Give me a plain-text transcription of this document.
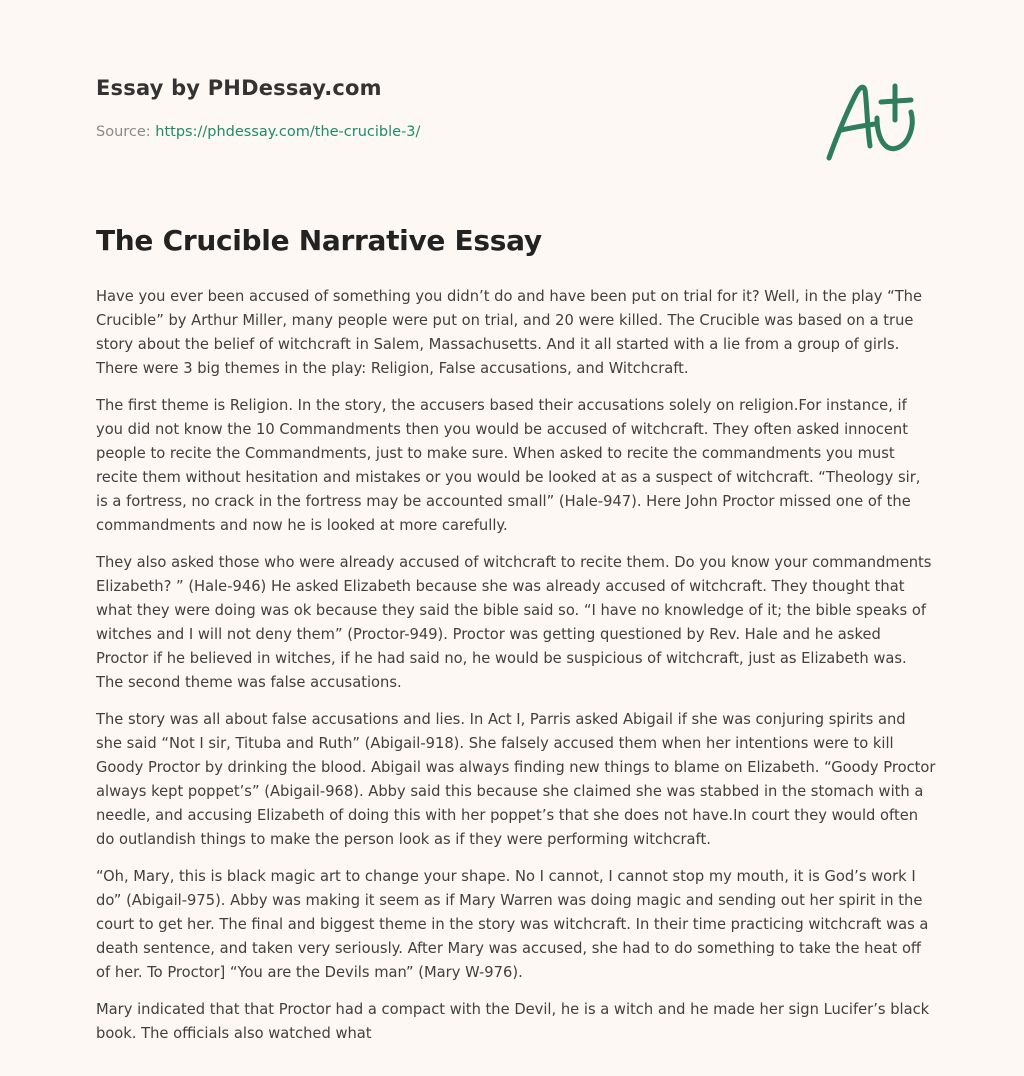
Essay by PHDessay.com
Source: https://phdessay.com/the-crucible-3/
The Crucible Narrative Essay

Have you ever been accused of something you didn’t do and have been put on trial for it? Well, in the play “The Crucible” by Arthur Miller, many people were put on trial, and 20 were killed. The Crucible was based on a true story about the belief of witchcraft in Salem, Massachusetts. And it all started with a lie from a group of girls. There were 3 big themes in the play: Religion, False accusations, and Witchcraft.

The first theme is Religion. In the story, the accusers based their accusations solely on religion.For instance, if you did not know the 10 Commandments then you would be accused of witchcraft. They often asked innocent people to recite the Commandments, just to make sure. When asked to recite the commandments you must recite them without hesitation and mistakes or you would be looked at as a suspect of witchcraft. “Theology sir, is a fortress, no crack in the fortress may be accounted small” (Hale-947). Here John Proctor missed one of the commandments and now he is looked at more carefully.

They also asked those who were already accused of witchcraft to recite them. Do you know your commandments Elizabeth? ” (Hale-946) He asked Elizabeth because she was already accused of witchcraft. They thought that what they were doing was ok because they said the bible said so. “I have no knowledge of it; the bible speaks of witches and I will not deny them” (Proctor-949). Proctor was getting questioned by Rev. Hale and he asked Proctor if he believed in witches, if he had said no, he would be suspicious of witchcraft, just as Elizabeth was. The second theme was false accusations.

The story was all about false accusations and lies. In Act I, Parris asked Abigail if she was conjuring spirits and she said “Not I sir, Tituba and Ruth” (Abigail-918). She falsely accused them when her intentions were to kill Goody Proctor by drinking the blood. Abigail was always finding new things to blame on Elizabeth. “Goody Proctor always kept poppet’s” (Abigail-968). Abby said this because she claimed she was stabbed in the stomach with a needle, and accusing Elizabeth of doing this with her poppet’s that she does not have.In court they would often do outlandish things to make the person look as if they were performing witchcraft.

“Oh, Mary, this is black magic art to change your shape. No I cannot, I cannot stop my mouth, it is God’s work I do” (Abigail-975). Abby was making it seem as if Mary Warren was doing magic and sending out her spirit in the court to get her. The final and biggest theme in the story was witchcraft. In their time practicing witchcraft was a death sentence, and taken very seriously. After Mary was accused, she had to do something to take the heat off of her. To Proctor] “You are the Devils man” (Mary W-976).

Mary indicated that that Proctor had a compact with the Devil, he is a witch and he made her sign Lucifer’s black book. The officials also watched what
